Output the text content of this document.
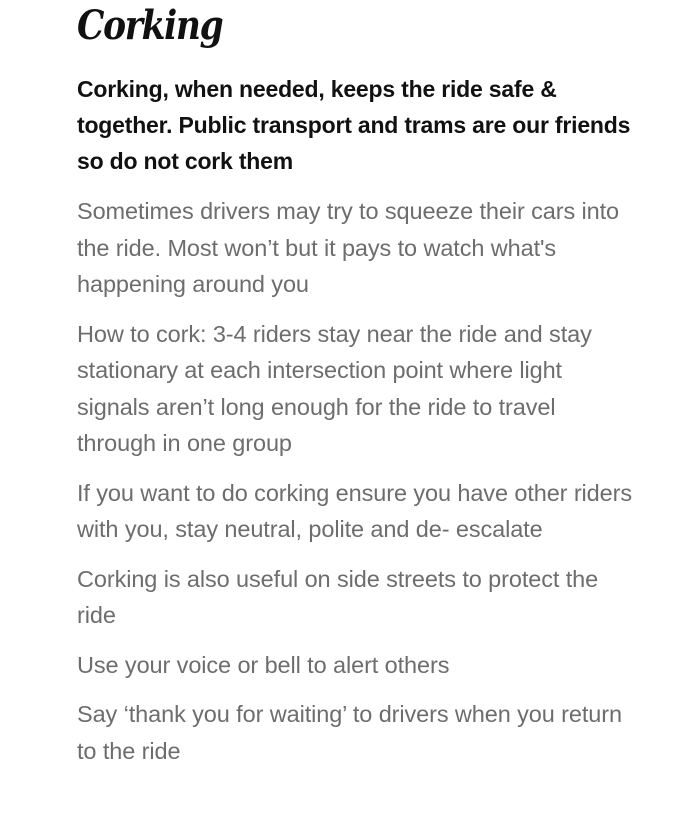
Corking

Corking, when needed, keeps the ride safe & together. Public transport and trams are our friends so do not cork them

Sometimes drivers may try to squeeze their cars into the ride. Most won’t but it pays to watch what's happening around you

How to cork: 3-4 riders stay near the ride and stay stationary at each intersection point where light signals aren’t long enough for the ride to travel through in one group

If you want to do corking ensure you have other riders with you, stay neutral, polite and de- escalate

Corking is also useful on side streets to protect the ride

Use your voice or bell to alert others

Say ‘thank you for waiting’ to drivers when you return to the ride
